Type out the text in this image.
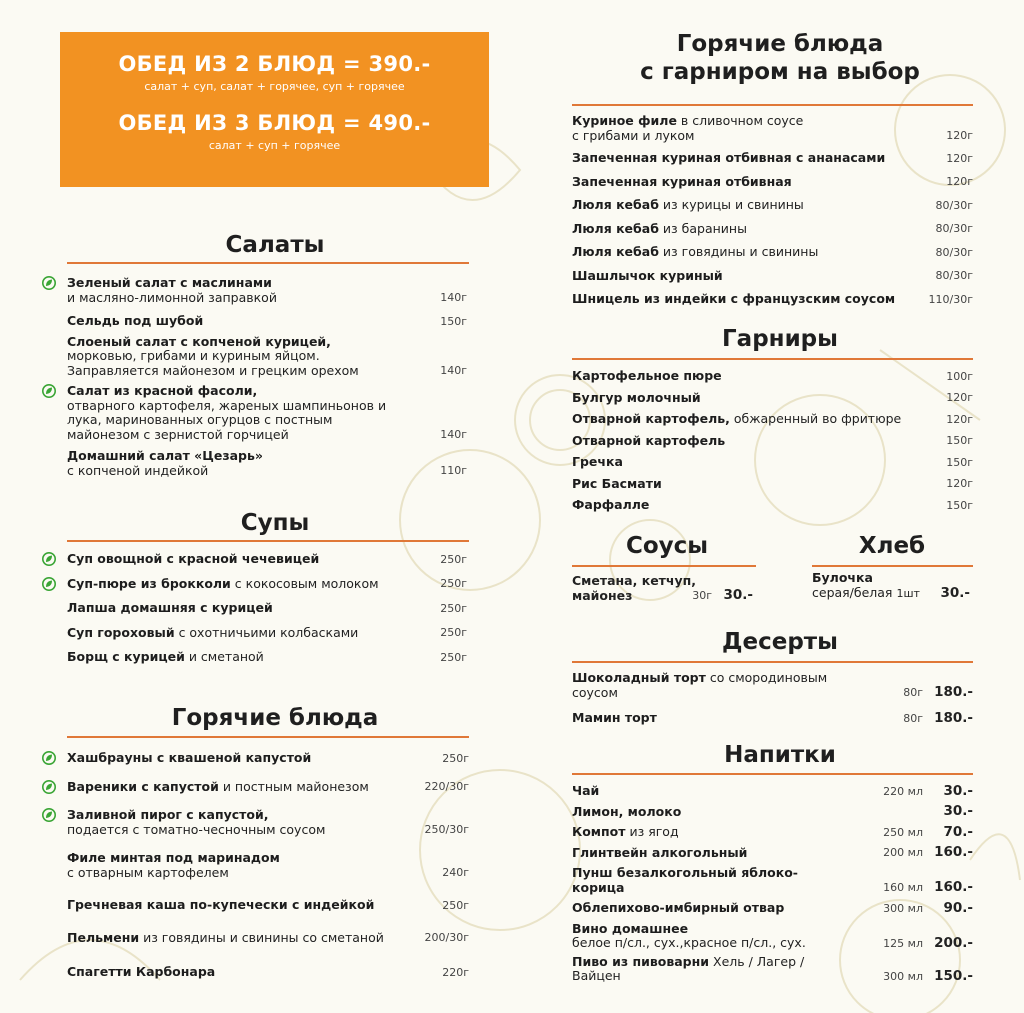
ОБЕД ИЗ 2 БЛЮД = 390.-
салат + суп, салат + горячее, суп + горячее
ОБЕД ИЗ 3 БЛЮД = 490.-
салат + суп + горячее
Салаты
Зеленый салат с маслинами
и масляно-лимонной заправкой	140г
Сельдь под шубой	150г
Слоеный салат с копченой курицей,
морковью, грибами и куриным яйцом. Заправляется майонезом и грецким орехом	140г
Салат из красной фасоли,
отварного картофеля, жареных шампиньонов и лука, маринованных огурцов с постным майонезом с зернистой горчицей	140г
Домашний салат «Цезарь»
с копченой индейкой	110г
Супы
Суп овощной с красной чечевицей	250г
Суп-пюре из брокколи с кокосовым молоком	250г
Лапша домашняя с курицей	250г
Суп гороховый с охотничьими колбасками	250г
Борщ с курицей и сметаной	250г
Горячие блюда
Хашбрауны с квашеной капустой	250г
Вареники с капустой и постным майонезом	220/30г
Заливной пирог с капустой,
подается с томатно-чесночным соусом	250/30г
Филе минтая под маринадом
с отварным картофелем	240г
Гречневая каша по-купечески с индейкой	250г
Пельмени из говядины и свинины со сметаной	200/30г
Спагетти Карбонара	220г
Горячие блюда
с гарниром на выбор
Куриное филе в сливочном соусе
с грибами и луком	120г
Запеченная куриная отбивная с ананасами	120г
Запеченная куриная отбивная	120г
Люля кебаб из курицы и свинины	80/30г
Люля кебаб из баранины	80/30г
Люля кебаб из говядины и свинины	80/30г
Шашлычок куриный	80/30г
Шницель из индейки с французским соусом	110/30г
Гарниры
Картофельное пюре	100г
Булгур молочный	120г
Отварной картофель, обжаренный во фритюре	120г
Отварной картофель	150г
Гречка	150г
Рис Басмати	120г
Фарфалле	150г
Соусы
Сметана, кетчуп,
майонез	30г 30.-
Хлеб
Булочка
серая/белая 1шт	30.-
Десерты
Шоколадный торт со смородиновым соусом	80г 180.-
Мамин торт	80г 180.-
Напитки
Чай	220 мл 30.-
Лимон, молоко	30.-
Компот из ягод	250 мл 70.-
Глинтвейн алкогольный	200 мл 160.-
Пунш безалкогольный яблоко-корица	160 мл 160.-
Облепихово-имбирный отвар	300 мл 90.-
Вино домашнее
белое п/сл., сух.,красное п/сл., сух.	125 мл 200.-
Пиво из пивоварни Хель / Лагер / Вайцен	300 мл 150.-
